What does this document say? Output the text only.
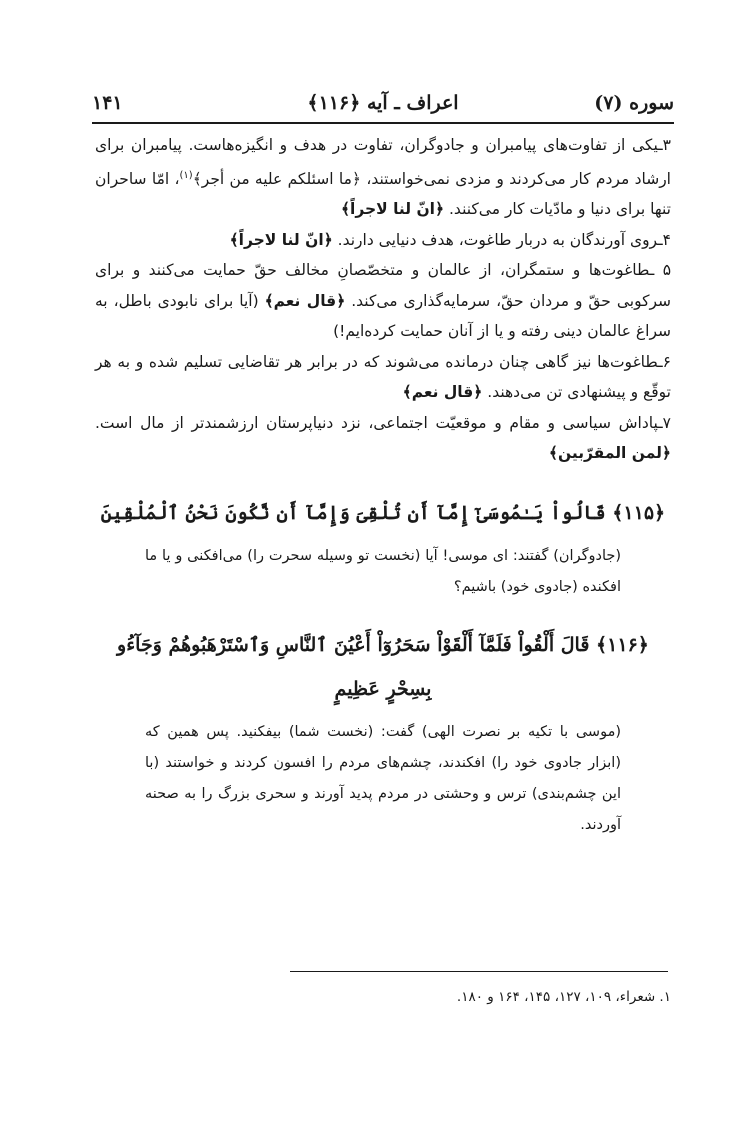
سوره (۷)
اعراف ـ آیه ﴿۱۱۶﴾
۱۴۱

۳ـیکی از تفاوت‌های پیامبران و جادوگران، تفاوت در هدف و انگیزه‌هاست. پیامبران برای ارشاد مردم کار می‌کردند و مزدی نمی‌خواستند، ﴿ما اسئلکم علیه من أجر﴾$^{(۱)}$، امّا ساحران تنها برای دنیا و مادّیات کار می‌کنند. ﴿انّ لنا لاجراً﴾

۴ـروی آورندگان به دربار طاغوت، هدف دنیایی دارند. ﴿انّ لنا لاجراً﴾

۵ ـطاغوت‌ها و ستمگران، از عالمان و متخصّصانِ مخالف حقّ حمایت می‌کنند و برای سرکوبی حقّ و مردان حقّ، سرمایه‌گذاری می‌کند. ﴿قال نعم﴾ (آیا برای نابودی باطل، به سراغ عالمان دینی رفته و یا از آنان حمایت کرده‌ایم!)

۶ـطاغوت‌ها نیز گاهی چنان درمانده می‌شوند که در برابر هر تقاضایی تسلیم شده و به هر توقّع و پیشنهادی تن می‌دهند. ﴿قال نعم﴾

۷ـپاداش سیاسی و مقام و موقعیّت اجتماعی، نزد دنیاپرستان ارزشمندتر از مال است. ﴿لمن المقرّبین﴾

﴿۱۱۵﴾ قَالُواْ يَـٰمُوسَىٰٓ إِمَّآ أَن تُلْقِىَ وَإِمَّآ أَن نَّكُونَ نَحْنُ ٱلْمُلْقِينَ

(جادوگران) گفتند: ای موسی! آیا (نخست تو وسیله سحرت را) می‌افکنی و یا ما افکنده (جادوی خود) باشیم؟

﴿۱۱۶﴾ قَالَ أَلْقُواْ فَلَمَّآ أَلْقَوْاْ سَحَرُوٓاْ أَعْيُنَ ٱلنَّاسِ وَٱسْتَرْهَبُوهُمْ وَجَآءُو بِسِحْرٍ عَظِيمٍ

(موسی با تکیه بر نصرت الهی) گفت: (نخست شما) بیفکنید. پس همین که (ابزار جادوی خود را) افکندند، چشم‌های مردم را افسون کردند و خواستند (با این چشم‌بندی) ترس و وحشتی در مردم پدید آورند و سحری بزرگ را به صحنه آوردند.

۱. شعراء، ۱۰۹، ۱۲۷، ۱۴۵، ۱۶۴ و ۱۸۰.
